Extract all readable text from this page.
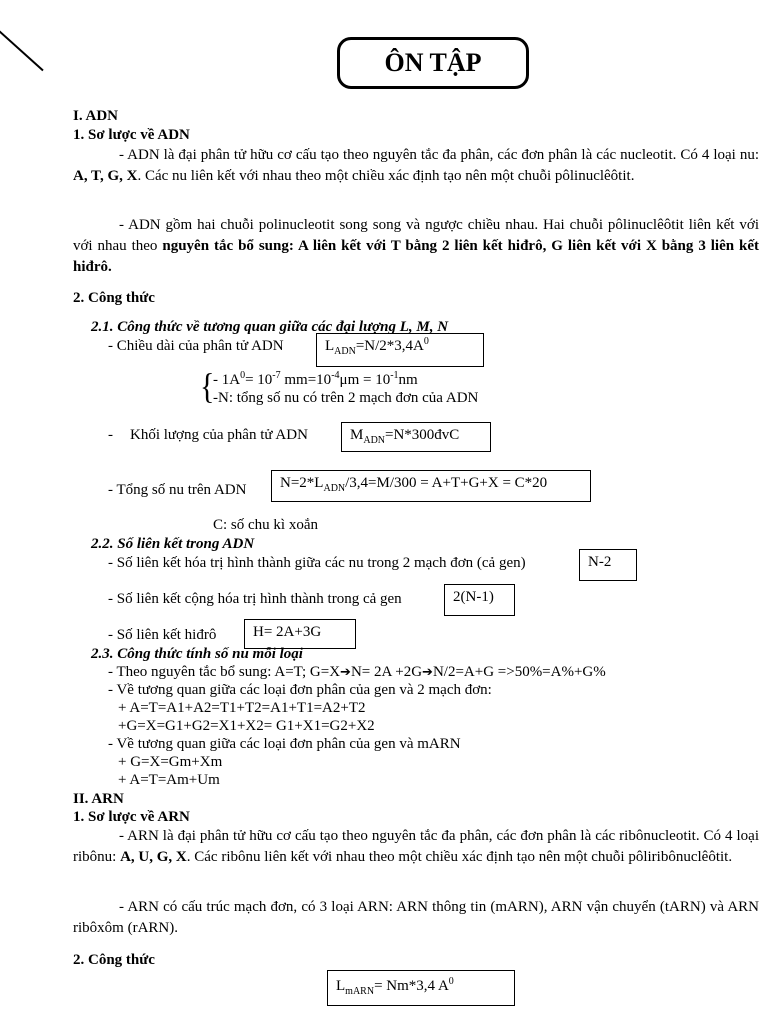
ÔN TẬP
I. ADN
1. Sơ lược về ADN
- ADN là đại phân tử hữu cơ cấu tạo theo nguyên tắc đa phân, các đơn phân là các nucleotit. Có 4 loại nu: A, T, G, X. Các nu liên kết với nhau theo một chiều xác định tạo nên một chuỗi pôlinuclêôtit.
- ADN gồm hai chuỗi polinucleotit song song và ngược chiều nhau. Hai chuỗi pôlinuclêôtit liên kết với với nhau theo nguyên tắc bổ sung: A liên kết với T bằng 2 liên kết hiđrô, G liên kết với X bằng 3 liên kết hiđrô.
2. Công thức
2.1. Công thức về tương quan giữa các đại lượng L, M, N
- Chiều dài của phân tử ADN	$L_{ADN}=N/2*3,4A^0$
{
- $1A^0= 10^{-7}$ $mm=10^{-4}\mu m = 10^{-1}nm$
-N: tổng số nu có trên 2 mạch đơn của ADN
- Khối lượng của phân tử ADN	$M_{ADN}=N*300đvC$
- Tổng số nu trên ADN	$N=2*L_{ADN}/3,4=M/300 = A+T+G+X = C*20$
C: số chu kì xoắn
2.2. Số liên kết trong ADN
- Số liên kết hóa trị hình thành giữa các nu trong 2 mạch đơn (cả gen)	N-2
- Số liên kết cộng hóa trị hình thành trong cả gen	2(N-1)
- Số liên kết hiđrô	H= 2A+3G
2.3. Công thức tính số nu mỗi loại
- Theo nguyên tắc bổ sung: A=T; G=X➔N= 2A +2G➔N/2=A+G =>50%=A%+G%
- Về tương quan giữa các loại đơn phân của gen và 2 mạch đơn:
+ A=T=A1+A2=T1+T2=A1+T1=A2+T2
+G=X=G1+G2=X1+X2= G1+X1=G2+X2
- Về tương quan giữa các loại đơn phân của gen và mARN
+ G=X=Gm+Xm
+ A=T=Am+Um
II. ARN
1. Sơ lược về ARN
- ARN là đại phân tử hữu cơ cấu tạo theo nguyên tắc đa phân, các đơn phân là các ribônucleotit. Có 4 loại ribônu: A, U, G, X. Các ribônu liên kết với nhau theo một chiều xác định tạo nên một chuỗi pôliribônuclêôtit.
- ARN có cấu trúc mạch đơn, có 3 loại ARN: ARN thông tin (mARN), ARN vận chuyển (tARN) và ARN ribôxôm (rARN).
2. Công thức
$L_{mARN}= Nm*3,4$ $A^0$
